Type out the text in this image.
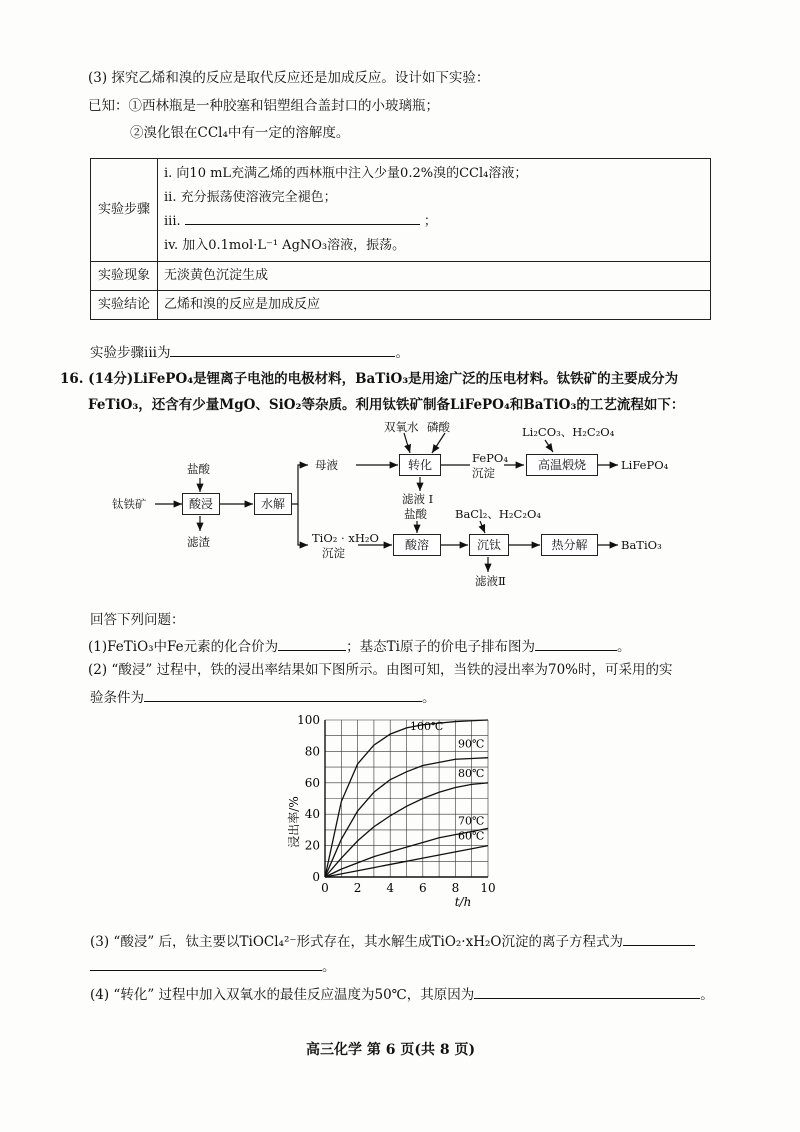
(3) 探究乙烯和溴的反应是取代反应还是加成反应。设计如下实验：
已知：①西林瓶是一种胶塞和铝塑组合盖封口的小玻璃瓶；
②溴化银在CCl₄中有一定的溶解度。
实验步骤	i. 向10 mL充满乙烯的西林瓶中注入少量0.2%溴的CCl₄溶液；
ii. 充分振荡使溶液完全褪色；
iii. ；
iv. 加入0.1mol·L⁻¹ AgNO₃溶液，振荡。

实验现象	无淡黄色沉淀生成
实验结论	乙烯和溴的反应是加成反应
实验步骤iii为	。
16. (14分)LiFePO₄是锂离子电池的电极材料，BaTiO₃是用途广泛的压电材料。钛铁矿的主要成分为
FeTiO₃，还含有少量MgO、SiO₂等杂质。利用钛铁矿制备LiFePO₄和BaTiO₃的工艺流程如下：
钛铁矿
盐酸
酸浸
滤渣
水解
母液
双氧水 磷酸
转化
滤液 I
FePO₄
沉淀
Li₂CO₃、H₂C₂O₄
高温煅烧	LiFePO₄
TiO₂ · xH₂O
沉淀
盐酸
酸溶
BaCl₂、H₂C₂O₄
沉钛
滤液Ⅱ
热分解	BaTiO₃
回答下列问题：
(1)FeTiO₃中Fe元素的化合价为	；基态Ti原子的价电子排布图为	。
(2) “酸浸” 过程中，铁的浸出率结果如下图所示。由图可知，当铁的浸出率为70%时，可采用的实
验条件为	。
0 2 4 6 8 10
0
20
40
60
80
100	100℃
90℃
80℃
70℃
60℃
浸出率/%
t/h
(3) “酸浸” 后，钛主要以TiOCl₄²⁻形式存在，其水解生成TiO₂·xH₂O沉淀的离子方程式为
。
(4) “转化” 过程中加入双氧水的最佳反应温度为50℃，其原因为	。
高三化学 第 6 页(共 8 页)
